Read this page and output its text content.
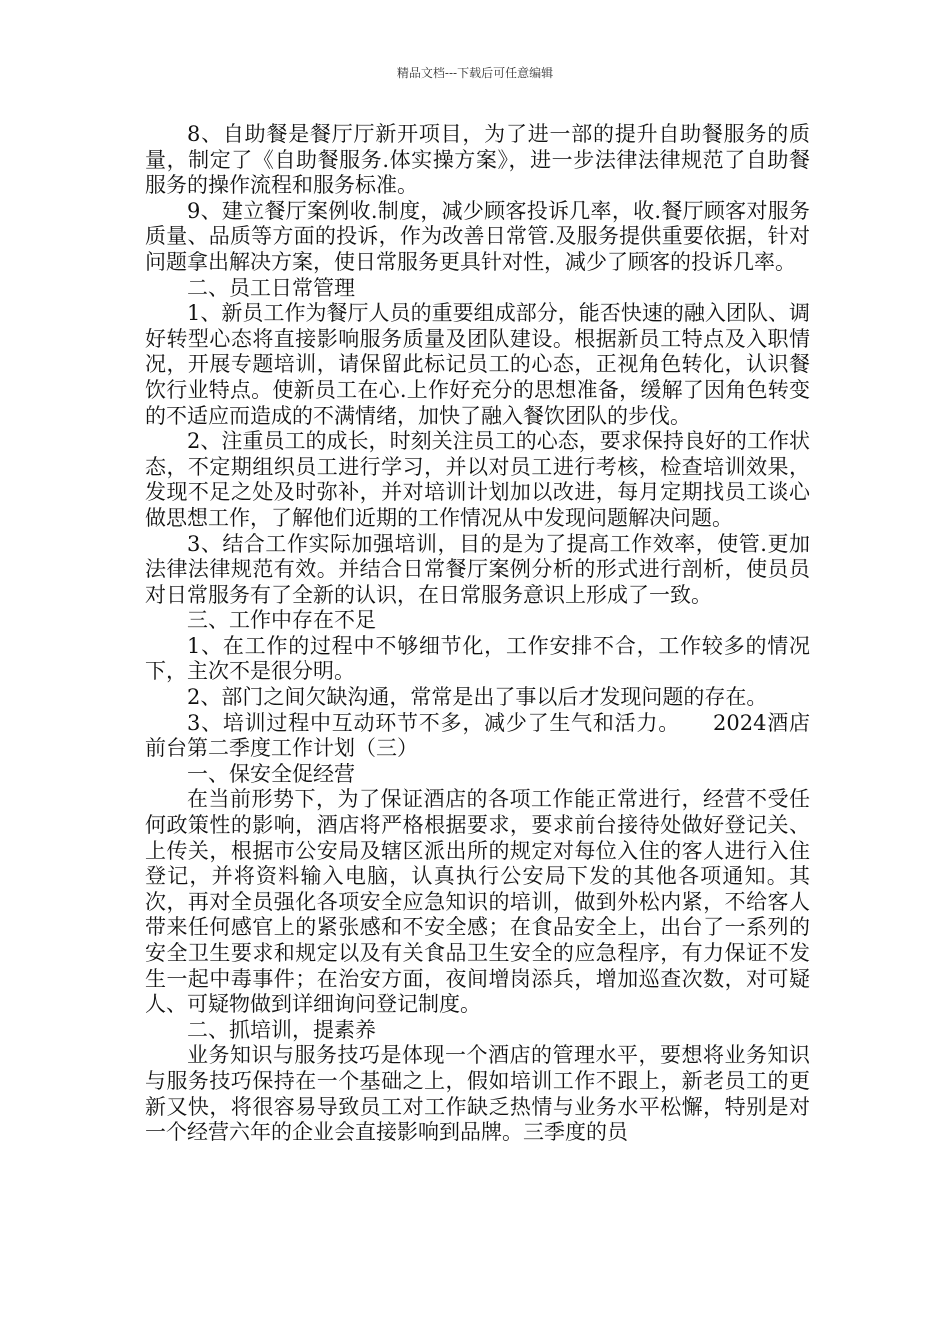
精品文档---下载后可任意编辑

8、自助餐是餐厅厅新开项目，为了进一部的提升自助餐服务的质量，制定了《自助餐服务.体实操方案》，进一步法律法律规范了自助餐服务的操作流程和服务标准。

9、建立餐厅案例收.制度，减少顾客投诉几率，收.餐厅顾客对服务质量、品质等方面的投诉，作为改善日常管.及服务提供重要依据，针对问题拿出解决方案，使日常服务更具针对性，减少了顾客的投诉几率。

二、员工日常管理

1、新员工作为餐厅人员的重要组成部分，能否快速的融入团队、调好转型心态将直接影响服务质量及团队建设。根据新员工特点及入职情况，开展专题培训，请保留此标记员工的心态，正视角色转化，认识餐饮行业特点。使新员工在心.上作好充分的思想准备，缓解了因角色转变的不适应而造成的不满情绪，加快了融入餐饮团队的步伐。

2、注重员工的成长，时刻关注员工的心态，要求保持良好的工作状态，不定期组织员工进行学习，并以对员工进行考核，检查培训效果，发现不足之处及时弥补，并对培训计划加以改进，每月定期找员工谈心做思想工作，了解他们近期的工作情况从中发现问题解决问题。

3、结合工作实际加强培训，目的是为了提高工作效率，使管.更加法律法律规范有效。并结合日常餐厅案例分析的形式进行剖析，使员员对日常服务有了全新的认识，在日常服务意识上形成了一致。

三、工作中存在不足

1、在工作的过程中不够细节化，工作安排不合，工作较多的情况下，主次不是很分明。

2、部门之间欠缺沟通，常常是出了事以后才发现问题的存在。

3、培训过程中互动环节不多，减少了生气和活力。　　2024酒店前台第二季度工作计划（三）

一、保安全促经营

在当前形势下，为了保证酒店的各项工作能正常进行，经营不受任何政策性的影响，酒店将严格根据要求，要求前台接待处做好登记关、上传关，根据市公安局及辖区派出所的规定对每位入住的客人进行入住登记，并将资料输入电脑，认真执行公安局下发的其他各项通知。其次，再对全员强化各项安全应急知识的培训，做到外松内紧，不给客人带来任何感官上的紧张感和不安全感；在食品安全上，出台了一系列的安全卫生要求和规定以及有关食品卫生安全的应急程序，有力保证不发生一起中毒事件；在治安方面，夜间增岗添兵，增加巡查次数，对可疑人、可疑物做到详细询问登记制度。

二、抓培训，提素养

业务知识与服务技巧是体现一个酒店的管理水平，要想将业务知识与服务技巧保持在一个基础之上，假如培训工作不跟上，新老员工的更新又快，将很容易导致员工对工作缺乏热情与业务水平松懈，特别是对一个经营六年的企业会直接影响到品牌。三季度的员
